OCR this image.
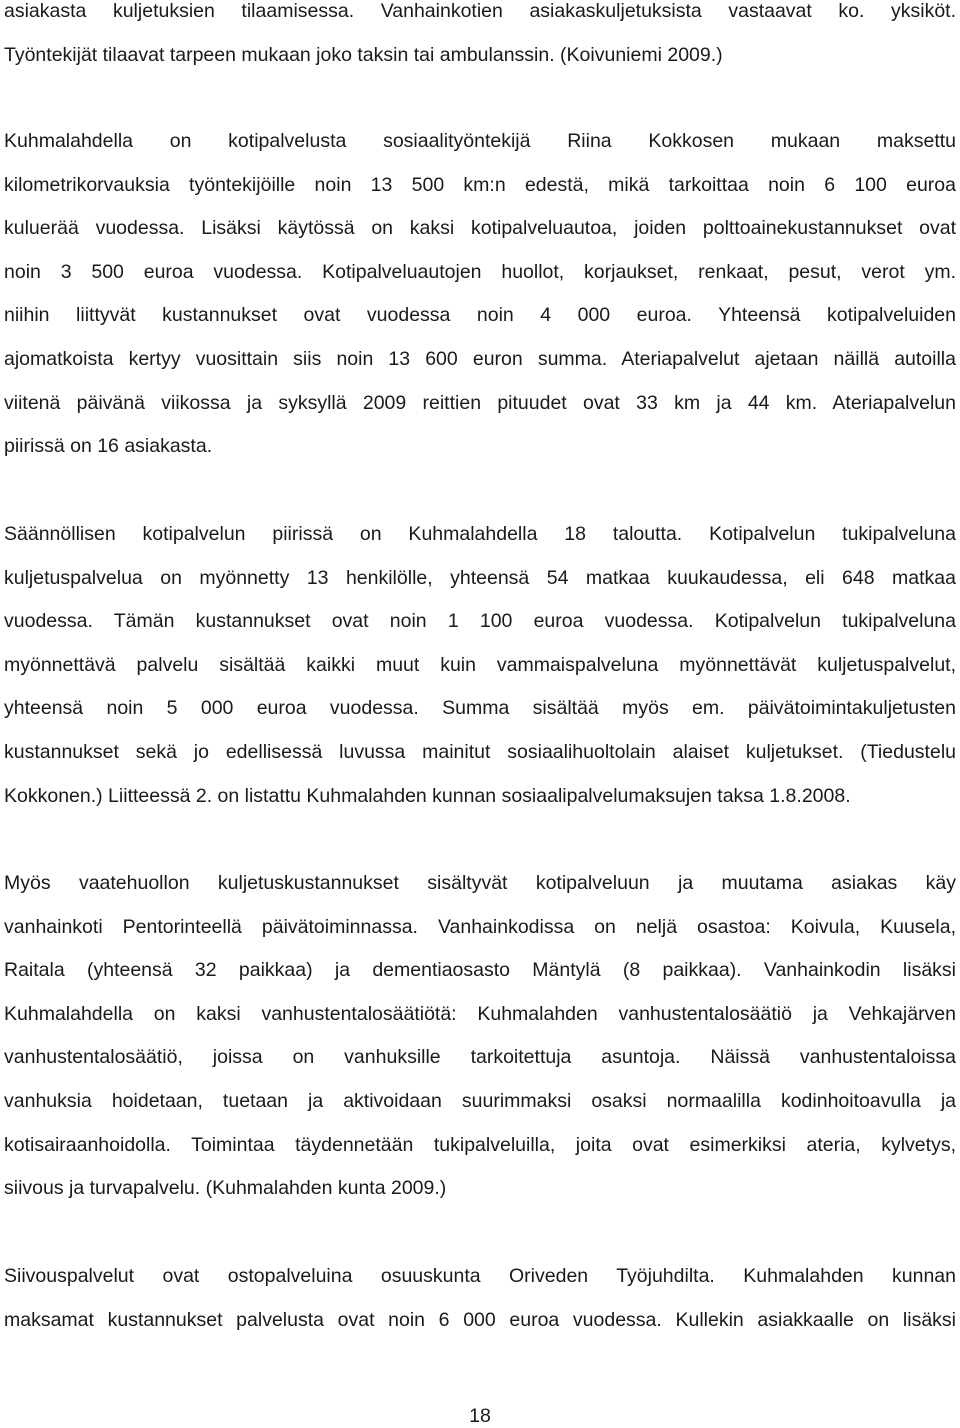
asiakasta kuljetuksien tilaamisessa. Vanhainkotien asiakaskuljetuksista vastaavat ko. yksiköt.
Työntekijät tilaavat tarpeen mukaan joko taksin tai ambulanssin. (Koivuniemi 2009.)
Kuhmalahdella on kotipalvelusta sosiaalityöntekijä Riina Kokkosen mukaan maksettu
kilometrikorvauksia työntekijöille noin 13 500 km:n edestä, mikä tarkoittaa noin 6 100 euroa
kuluerää vuodessa. Lisäksi käytössä on kaksi kotipalveluautoa, joiden polttoainekustannukset ovat
noin 3 500 euroa vuodessa. Kotipalveluautojen huollot, korjaukset, renkaat, pesut, verot ym.
niihin liittyvät kustannukset ovat vuodessa noin 4 000 euroa. Yhteensä kotipalveluiden
ajomatkoista kertyy vuosittain siis noin 13 600 euron summa. Ateriapalvelut ajetaan näillä autoilla
viitenä päivänä viikossa ja syksyllä 2009 reittien pituudet ovat 33 km ja 44 km. Ateriapalvelun
piirissä on 16 asiakasta.
Säännöllisen kotipalvelun piirissä on Kuhmalahdella 18 taloutta. Kotipalvelun tukipalveluna
kuljetuspalvelua on myönnetty 13 henkilölle, yhteensä 54 matkaa kuukaudessa, eli 648 matkaa
vuodessa. Tämän kustannukset ovat noin 1 100 euroa vuodessa. Kotipalvelun tukipalveluna
myönnettävä palvelu sisältää kaikki muut kuin vammaispalveluna myönnettävät kuljetuspalvelut,
yhteensä noin 5 000 euroa vuodessa. Summa sisältää myös em. päivätoimintakuljetusten
kustannukset sekä jo edellisessä luvussa mainitut sosiaalihuoltolain alaiset kuljetukset. (Tiedustelu
Kokkonen.) Liitteessä 2. on listattu Kuhmalahden kunnan sosiaalipalvelumaksujen taksa 1.8.2008.
Myös vaatehuollon kuljetuskustannukset sisältyvät kotipalveluun ja muutama asiakas käy
vanhainkoti Pentorinteellä päivätoiminnassa. Vanhainkodissa on neljä osastoa: Koivula, Kuusela,
Raitala (yhteensä 32 paikkaa) ja dementiaosasto Mäntylä (8 paikkaa). Vanhainkodin lisäksi
Kuhmalahdella on kaksi vanhustentalosäätiötä: Kuhmalahden vanhustentalosäätiö ja Vehkajärven
vanhustentalosäätiö, joissa on vanhuksille tarkoitettuja asuntoja. Näissä vanhustentaloissa
vanhuksia hoidetaan, tuetaan ja aktivoidaan suurimmaksi osaksi normaalilla kodinhoitoavulla ja
kotisairaanhoidolla. Toimintaa täydennetään tukipalveluilla, joita ovat esimerkiksi ateria, kylvetys,
siivous ja turvapalvelu. (Kuhmalahden kunta 2009.)
Siivouspalvelut ovat ostopalveluina osuuskunta Oriveden Työjuhdilta. Kuhmalahden kunnan
maksamat kustannukset palvelusta ovat noin 6 000 euroa vuodessa. Kullekin asiakkaalle on lisäksi
18
